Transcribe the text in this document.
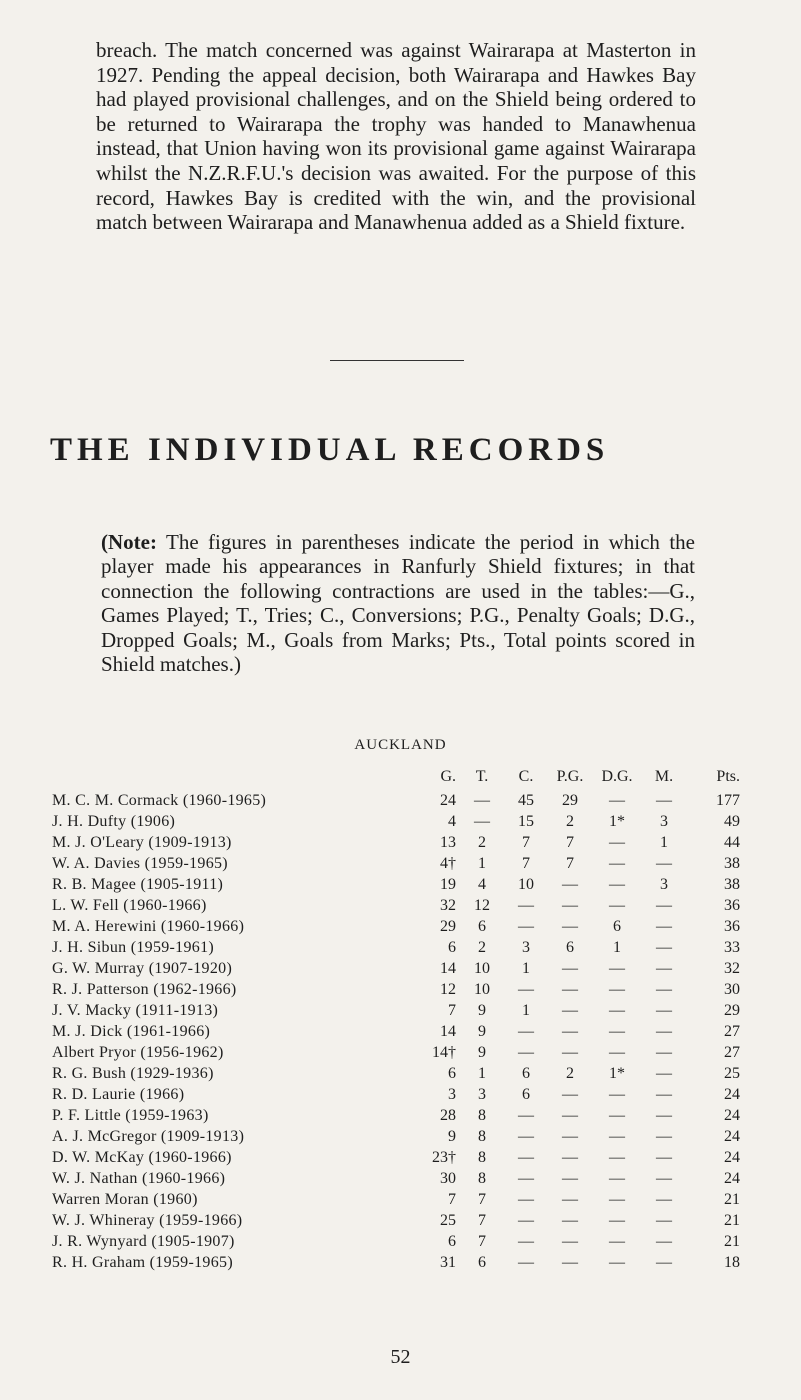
breach. The match concerned was against Wairarapa at Masterton in 1927. Pending the appeal decision, both Wairarapa and Hawkes Bay had played provisional challenges, and on the Shield being ordered to be returned to Wairarapa the trophy was handed to Manawhenua instead, that Union having won its provisional game against Wairarapa whilst the N.Z.R.F.U.'s decision was awaited. For the purpose of this record, Hawkes Bay is credited with the win, and the provisional match between Wairarapa and Manawhenua added as a Shield fixture.
THE INDIVIDUAL RECORDS
(Note: The figures in parentheses indicate the period in which the player made his appearances in Ranfurly Shield fixtures; in that connection the following contractions are used in the tables:—G., Games Played; T., Tries; C., Conversions; P.G., Penalty Goals; D.G., Dropped Goals; M., Goals from Marks; Pts., Total points scored in Shield matches.)
AUCKLAND
	G.	T.	C.	P.G.	D.G.	M.	Pts.
M. C. M. Cormack (1960-1965)	24	—	45	29	—	—	177
J. H. Dufty (1906)	4	—	15	2	1*	3	49
M. J. O'Leary (1909-1913)	13	2	7	7	—	1	44
W. A. Davies (1959-1965)	4†	1	7	7	—	—	38
R. B. Magee (1905-1911)	19	4	10	—	—	3	38
L. W. Fell (1960-1966)	32	12	—	—	—	—	36
M. A. Herewini (1960-1966)	29	6	—	—	6	—	36
J. H. Sibun (1959-1961)	6	2	3	6	1	—	33
G. W. Murray (1907-1920)	14	10	1	—	—	—	32
R. J. Patterson (1962-1966)	12	10	—	—	—	—	30
J. V. Macky (1911-1913)	7	9	1	—	—	—	29
M. J. Dick (1961-1966)	14	9	—	—	—	—	27
Albert Pryor (1956-1962)	14†	9	—	—	—	—	27
R. G. Bush (1929-1936)	6	1	6	2	1*	—	25
R. D. Laurie (1966)	3	3	6	—	—	—	24
P. F. Little (1959-1963)	28	8	—	—	—	—	24
A. J. McGregor (1909-1913)	9	8	—	—	—	—	24
D. W. McKay (1960-1966)	23†	8	—	—	—	—	24
W. J. Nathan (1960-1966)	30	8	—	—	—	—	24
Warren Moran (1960)	7	7	—	—	—	—	21
W. J. Whineray (1959-1966)	25	7	—	—	—	—	21
J. R. Wynyard (1905-1907)	6	7	—	—	—	—	21
R. H. Graham (1959-1965)	31	6	—	—	—	—	18
52
